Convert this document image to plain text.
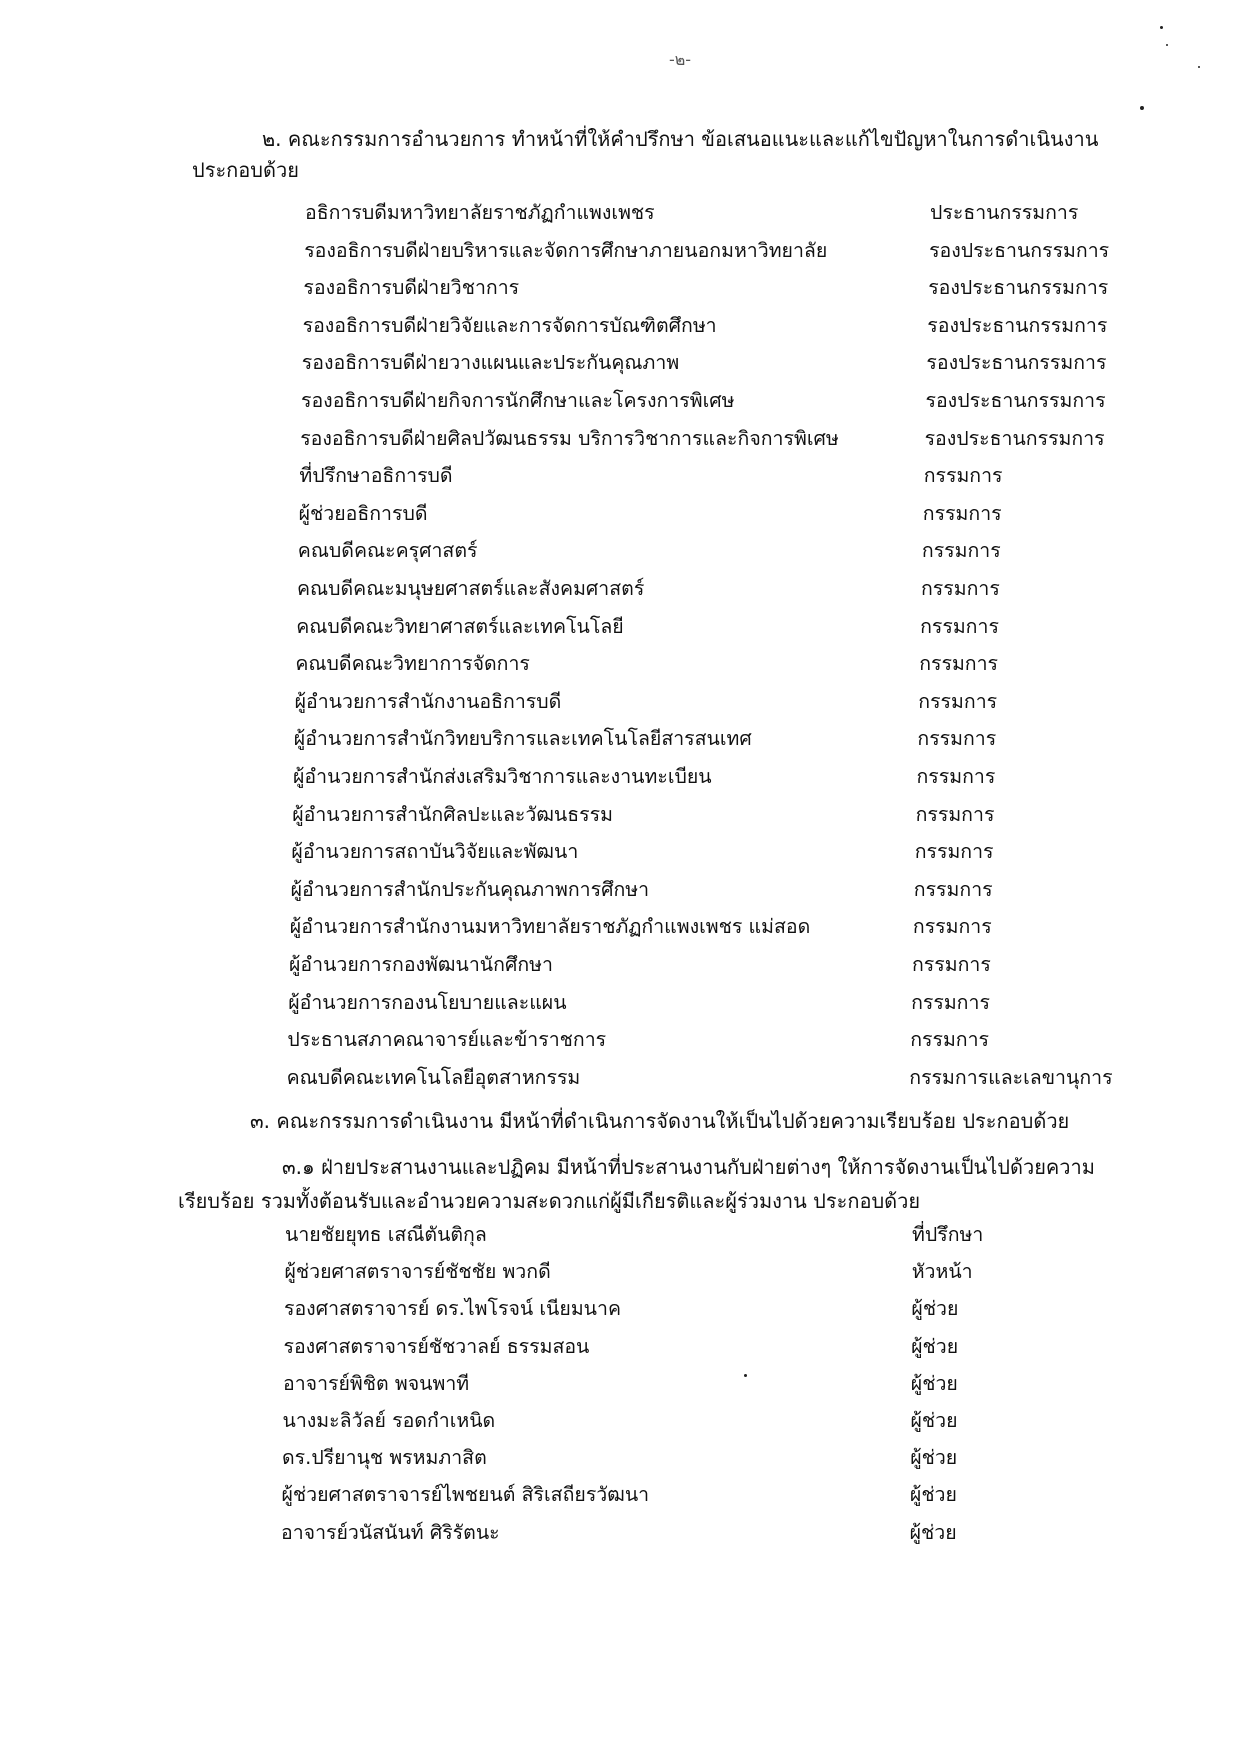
-๒-
๒. คณะกรรมการอำนวยการ ทำหน้าที่ให้คำปรึกษา ข้อเสนอแนะและแก้ไขปัญหาในการดำเนินงาน
ประกอบด้วย
อธิการบดีมหาวิทยาลัยราชภัฏกำแพงเพชร	ประธานกรรมการ
รองอธิการบดีฝ่ายบริหารและจัดการศึกษาภายนอกมหาวิทยาลัย	รองประธานกรรมการ
รองอธิการบดีฝ่ายวิชาการ	รองประธานกรรมการ
รองอธิการบดีฝ่ายวิจัยและการจัดการบัณฑิตศึกษา	รองประธานกรรมการ
รองอธิการบดีฝ่ายวางแผนและประกันคุณภาพ	รองประธานกรรมการ
รองอธิการบดีฝ่ายกิจการนักศึกษาและโครงการพิเศษ	รองประธานกรรมการ
รองอธิการบดีฝ่ายศิลปวัฒนธรรม บริการวิชาการและกิจการพิเศษ	รองประธานกรรมการ
ที่ปรึกษาอธิการบดี	กรรมการ
ผู้ช่วยอธิการบดี	กรรมการ
คณบดีคณะครุศาสตร์	กรรมการ
คณบดีคณะมนุษยศาสตร์และสังคมศาสตร์	กรรมการ
คณบดีคณะวิทยาศาสตร์และเทคโนโลยี	กรรมการ
คณบดีคณะวิทยาการจัดการ	กรรมการ
ผู้อำนวยการสำนักงานอธิการบดี	กรรมการ
ผู้อำนวยการสำนักวิทยบริการและเทคโนโลยีสารสนเทศ	กรรมการ
ผู้อำนวยการสำนักส่งเสริมวิชาการและงานทะเบียน	กรรมการ
ผู้อำนวยการสำนักศิลปะและวัฒนธรรม	กรรมการ
ผู้อำนวยการสถาบันวิจัยและพัฒนา	กรรมการ
ผู้อำนวยการสำนักประกันคุณภาพการศึกษา	กรรมการ
ผู้อำนวยการสำนักงานมหาวิทยาลัยราชภัฏกำแพงเพชร แม่สอด	กรรมการ
ผู้อำนวยการกองพัฒนานักศึกษา	กรรมการ
ผู้อำนวยการกองนโยบายและแผน	กรรมการ
ประธานสภาคณาจารย์และข้าราชการ	กรรมการ
คณบดีคณะเทคโนโลยีอุตสาหกรรม	กรรมการและเลขานุการ
๓. คณะกรรมการดำเนินงาน มีหน้าที่ดำเนินการจัดงานให้เป็นไปด้วยความเรียบร้อย ประกอบด้วย
๓.๑ ฝ่ายประสานงานและปฏิคม มีหน้าที่ประสานงานกับฝ่ายต่างๆ ให้การจัดงานเป็นไปด้วยความ
เรียบร้อย รวมทั้งต้อนรับและอำนวยความสะดวกแก่ผู้มีเกียรติและผู้ร่วมงาน ประกอบด้วย
นายชัยยุทธ เสณีตันติกุล	ที่ปรึกษา
ผู้ช่วยศาสตราจารย์ชัชชัย พวกดี	หัวหน้า
รองศาสตราจารย์ ดร.ไพโรจน์ เนียมนาค	ผู้ช่วย
รองศาสตราจารย์ชัชวาลย์ ธรรมสอน	ผู้ช่วย
อาจารย์พิชิต พจนพาที	ผู้ช่วย
นางมะลิวัลย์ รอดกำเหนิด	ผู้ช่วย
ดร.ปรียานุช พรหมภาสิต	ผู้ช่วย
ผู้ช่วยศาสตราจารย์ไพชยนต์ สิริเสถียรวัฒนา	ผู้ช่วย
อาจารย์วนัสนันท์ ศิริรัตนะ	ผู้ช่วย
